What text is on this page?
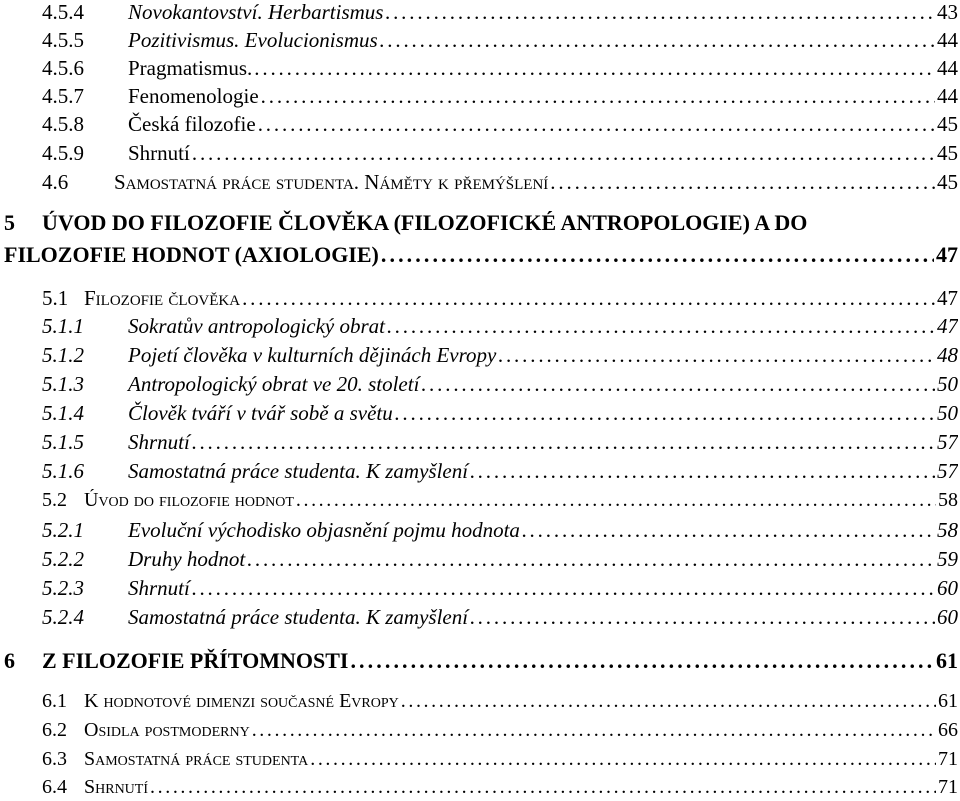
4.5.4	Novokantovství. Herbartismus . . .	43
4.5.5	Pozitivismus. Evolucionismus . . .	44
4.5.6	Pragmatismus. . . .	44
4.5.7	Fenomenologie . . .	44
4.5.8	Česká filozofie . . .	45
4.5.9	Shrnutí . . .	45
4.6	Samostatná práce studenta. Náměty k přemýšlení . . .	45
5 ÚVOD DO FILOZOFIE ČLOVĚKA (FILOZOFICKÉ ANTROPOLOGIE) A DO
FILOZOFIE HODNOT (AXIOLOGIE) . . .	47
5.1 Filozofie člověka . . .	47
5.1.1	Sokratův antropologický obrat . . .	47
5.1.2	Pojetí člověka v kulturních dějinách Evropy . . .	48
5.1.3	Antropologický obrat ve 20. století . . .	50
5.1.4	Člověk tváří v tvář sobě a světu . . .	50
5.1.5	Shrnutí . . .	57
5.1.6	Samostatná práce studenta. K zamyšlení . . .	57
5.2 Úvod do filozofie hodnot . . .	58
5.2.1	Evoluční východisko objasnění pojmu hodnota . . .	58
5.2.2	Druhy hodnot . . .	59
5.2.3	Shrnutí . . .	60
5.2.4	Samostatná práce studenta. K zamyšlení . . .	60
6	Z FILOZOFIE PŘÍTOMNOSTI . . .	61
6.1 K hodnotové dimenzi současné Evropy . . .	61
6.2 Osidla postmoderny . . .	66
6.3 Samostatná práce studenta . . .	71
6.4 Shrnutí . . .	71
